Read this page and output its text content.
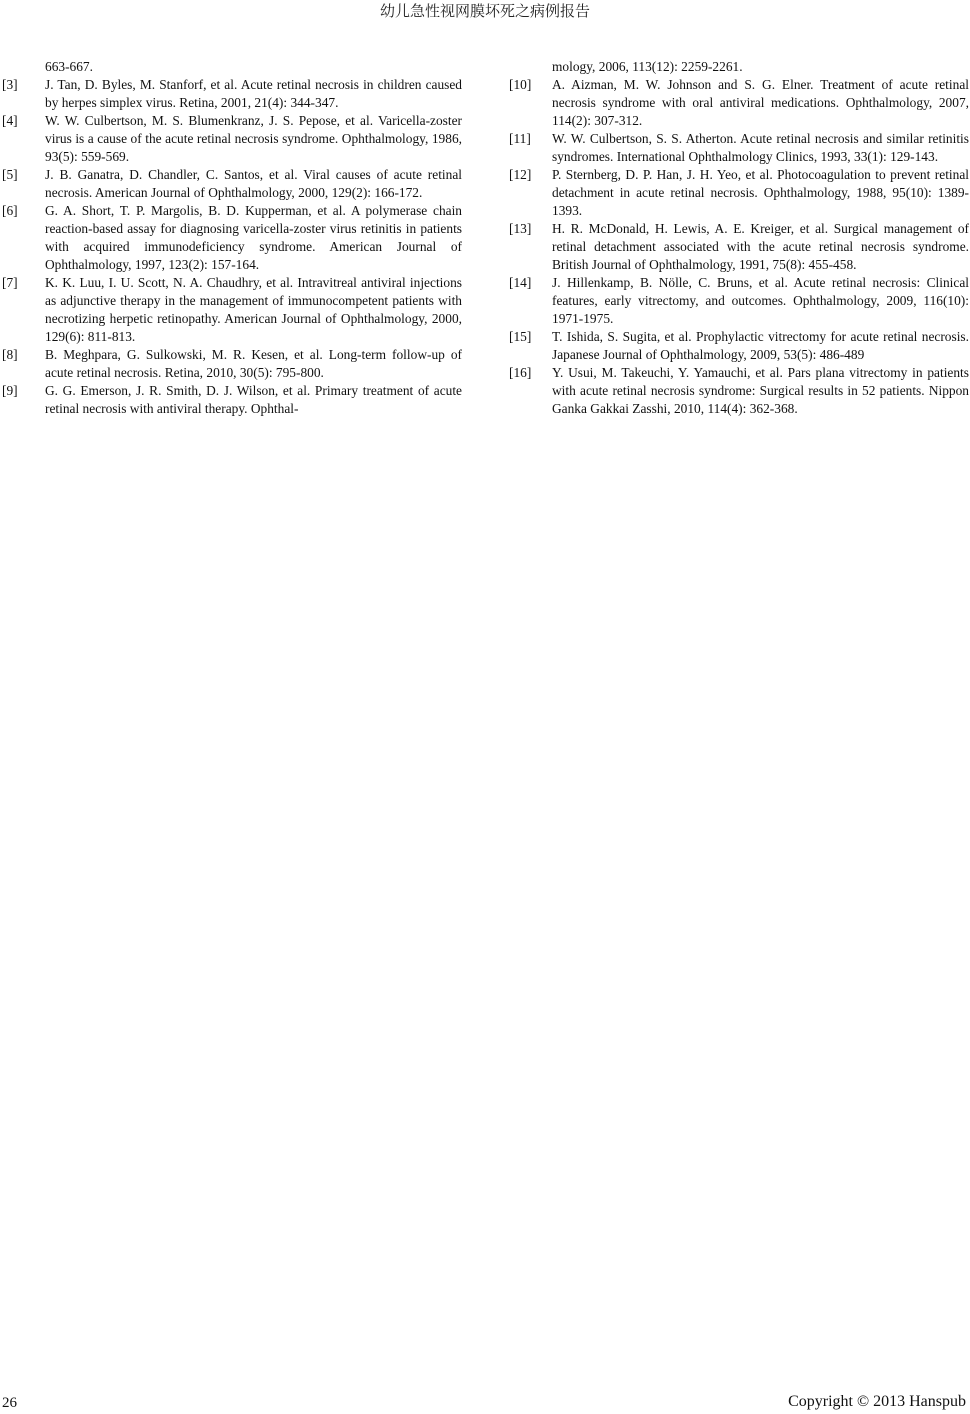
幼儿急性视网膜坏死之病例报告

663-667.

[3]	J. Tan, D. Byles, M. Stanforf, et al. Acute retinal necrosis in children caused by herpes simplex virus. Retina, 2001, 21(4): 344-347.

[4]	W. W. Culbertson, M. S. Blumenkranz, J. S. Pepose, et al. Varicella-zoster virus is a cause of the acute retinal necrosis syndrome. Ophthalmology, 1986, 93(5): 559-569.

[5]	J. B. Ganatra, D. Chandler, C. Santos, et al. Viral causes of acute retinal necrosis. American Journal of Ophthalmology, 2000, 129(2): 166-172.

[6]	G. A. Short, T. P. Margolis, B. D. Kupperman, et al. A polymerase chain reaction-based assay for diagnosing varicella-zoster virus retinitis in patients with acquired immunodeficiency syndrome. American Journal of Ophthalmology, 1997, 123(2): 157-164.

[7]	K. K. Luu, I. U. Scott, N. A. Chaudhry, et al. Intravitreal antiviral injections as adjunctive therapy in the management of immunocompetent patients with necrotizing herpetic retinopathy. American Journal of Ophthalmology, 2000, 129(6): 811-813.

[8]	B. Meghpara, G. Sulkowski, M. R. Kesen, et al. Long-term follow-up of acute retinal necrosis. Retina, 2010, 30(5): 795-800.

[9]	G. G. Emerson, J. R. Smith, D. J. Wilson, et al. Primary treatment of acute retinal necrosis with antiviral therapy. Ophthal-

mology, 2006, 113(12): 2259-2261.

[10]	A. Aizman, M. W. Johnson and S. G. Elner. Treatment of acute retinal necrosis syndrome with oral antiviral medications. Ophthalmology, 2007, 114(2): 307-312.

[11]	W. W. Culbertson, S. S. Atherton. Acute retinal necrosis and similar retinitis syndromes. International Ophthalmology Clinics, 1993, 33(1): 129-143.

[12]	P. Sternberg, D. P. Han, J. H. Yeo, et al. Photocoagulation to prevent retinal detachment in acute retinal necrosis. Ophthalmology, 1988, 95(10): 1389-1393.

[13]	H. R. McDonald, H. Lewis, A. E. Kreiger, et al. Surgical management of retinal detachment associated with the acute retinal necrosis syndrome. British Journal of Ophthalmology, 1991, 75(8): 455-458.

[14]	J. Hillenkamp, B. Nölle, C. Bruns, et al. Acute retinal necrosis: Clinical features, early vitrectomy, and outcomes. Ophthalmology, 2009, 116(10): 1971-1975.

[15]	T. Ishida, S. Sugita, et al. Prophylactic vitrectomy for acute retinal necrosis. Japanese Journal of Ophthalmology, 2009, 53(5): 486-489

[16]	Y. Usui, M. Takeuchi, Y. Yamauchi, et al. Pars plana vitrectomy in patients with acute retinal necrosis syndrome: Surgical results in 52 patients. Nippon Ganka Gakkai Zasshi, 2010, 114(4): 362-368.

26	Copyright © 2013 Hanspub
